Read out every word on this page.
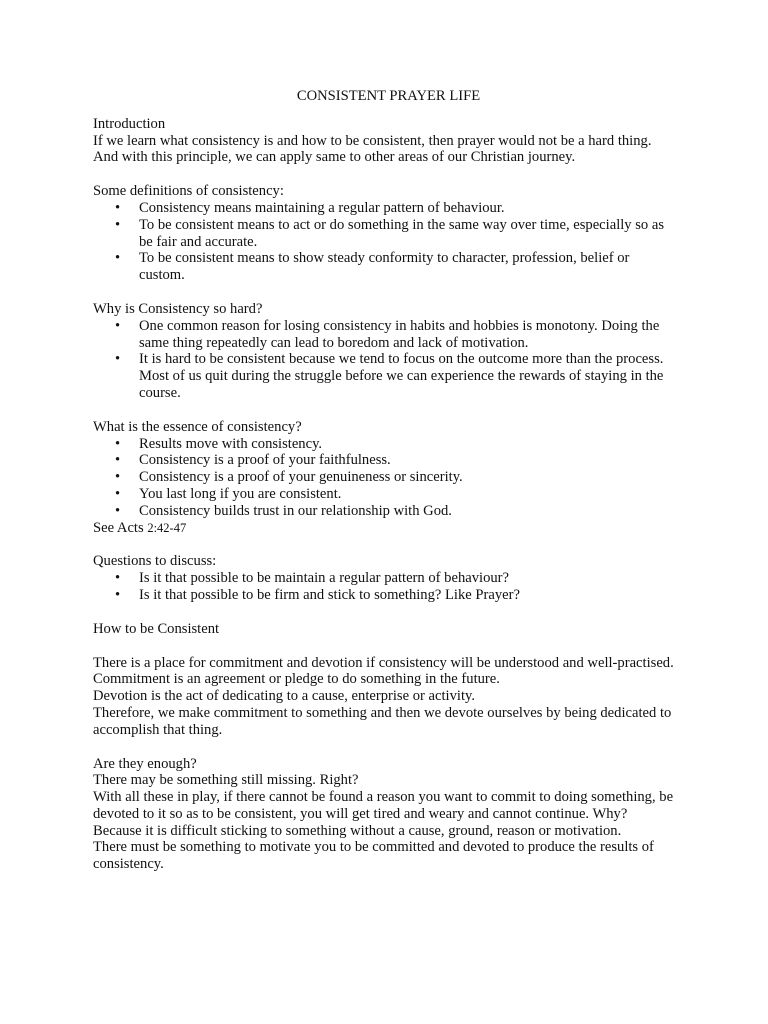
CONSISTENT PRAYER LIFE

Introduction

If we learn what consistency is and how to be consistent, then prayer would not be a hard thing. And with this principle, we can apply same to other areas of our Christian journey.

Some definitions of consistency:

• Consistency means maintaining a regular pattern of behaviour.
• To be consistent means to act or do something in the same way over time, especially so as be fair and accurate.
• To be consistent means to show steady conformity to character, profession, belief or custom.

Why is Consistency so hard?

• One common reason for losing consistency in habits and hobbies is monotony. Doing the same thing repeatedly can lead to boredom and lack of motivation.
• It is hard to be consistent because we tend to focus on the outcome more than the process. Most of us quit during the struggle before we can experience the rewards of staying in the course.

What is the essence of consistency?

• Results move with consistency.
• Consistency is a proof of your faithfulness.
• Consistency is a proof of your genuineness or sincerity.
• You last long if you are consistent.
• Consistency builds trust in our relationship with God.

See Acts 2:42-47

Questions to discuss:

• Is it that possible to be maintain a regular pattern of behaviour?
• Is it that possible to be firm and stick to something? Like Prayer?

How to be Consistent

There is a place for commitment and devotion if consistency will be understood and well-practised.

Commitment is an agreement or pledge to do something in the future.

Devotion is the act of dedicating to a cause, enterprise or activity.

Therefore, we make commitment to something and then we devote ourselves by being dedicated to accomplish that thing.

Are they enough?

There may be something still missing. Right?

With all these in play, if there cannot be found a reason you want to commit to doing something, be devoted to it so as to be consistent, you will get tired and weary and cannot continue. Why? Because it is difficult sticking to something without a cause, ground, reason or motivation.

There must be something to motivate you to be committed and devoted to produce the results of consistency.
